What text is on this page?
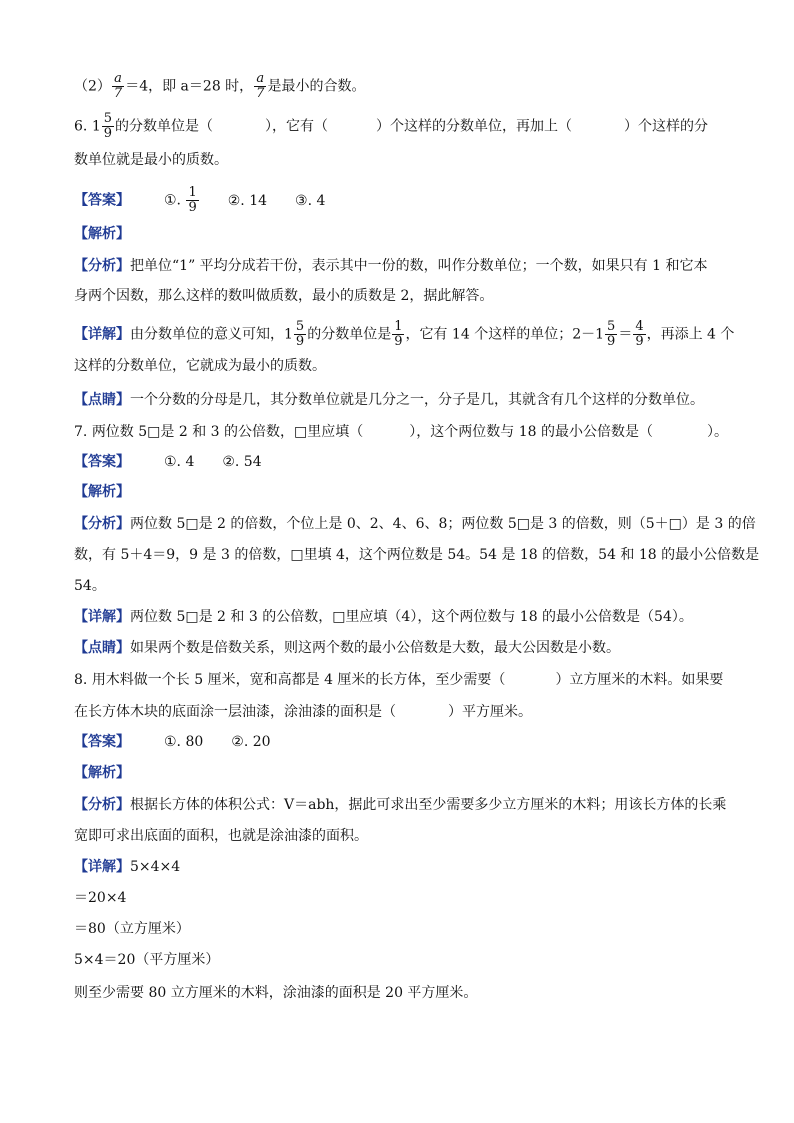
$(2) \frac{a}{7} =4$，即 a＝28 时， $\frac{a}{7}$ 是最小的合数。
6. $1 \frac{5}{9}$ 的分数单位是（	），它有（	）个这样的分数单位，再加上（	）个这样的分
数单位就是最小的质数。
【答案】 ①. $\frac{1}{9}$ ②. 14 ③. 4
【解析】
【分析】把单位“1” 平均分成若干份，表示其中一份的数，叫作分数单位；一个数，如果只有 1 和它本
身两个因数，那么这样的数叫做质数，最小的质数是 2，据此解答。
【详解】由分数单位的意义可知，$1 \frac{5}{9}$ 的分数单位是 $\frac{1}{9}$ ，它有 14 个这样的单位；$2-1 \frac{5}{9} = \frac{4}{9}$ ，再添上 4 个
这样的分数单位，它就成为最小的质数。
【点睛】一个分数的分母是几，其分数单位就是几分之一，分子是几，其就含有几个这样的分数单位。
7. 两位数 5□是 2 和 3 的公倍数，□里应填（	），这个两位数与 18 的最小公倍数是（	）。
【答案】 ①. 4 ②. 54
【解析】
【分析】两位数 5□是 2 的倍数，个位上是 0、2、4、6、8；两位数 5□是 3 的倍数，则（5＋□）是 3 的倍
数，有 5＋4＝9，9 是 3 的倍数，□里填 4，这个两位数是 54。54 是 18 的倍数，54 和 18 的最小公倍数是
54。
【详解】两位数 5□是 2 和 3 的公倍数，□里应填（4），这个两位数与 18 的最小公倍数是（54）。
【点睛】如果两个数是倍数关系，则这两个数的最小公倍数是大数，最大公因数是小数。
8. 用木料做一个长 5 厘米，宽和高都是 4 厘米的长方体，至少需要（	）立方厘米的木料。如果要
在长方体木块的底面涂一层油漆，涂油漆的面积是（	）平方厘米。
【答案】 ①. 80 ②. 20
【解析】
【分析】根据长方体的体积公式：V＝abh，据此可求出至少需要多少立方厘米的木料；用该长方体的长乘
宽即可求出底面的面积，也就是涂油漆的面积。
【详解】5×4×4
＝20×4
＝80（立方厘米）
5×4＝20（平方厘米）
则至少需要 80 立方厘米的木料，涂油漆的面积是 20 平方厘米。
